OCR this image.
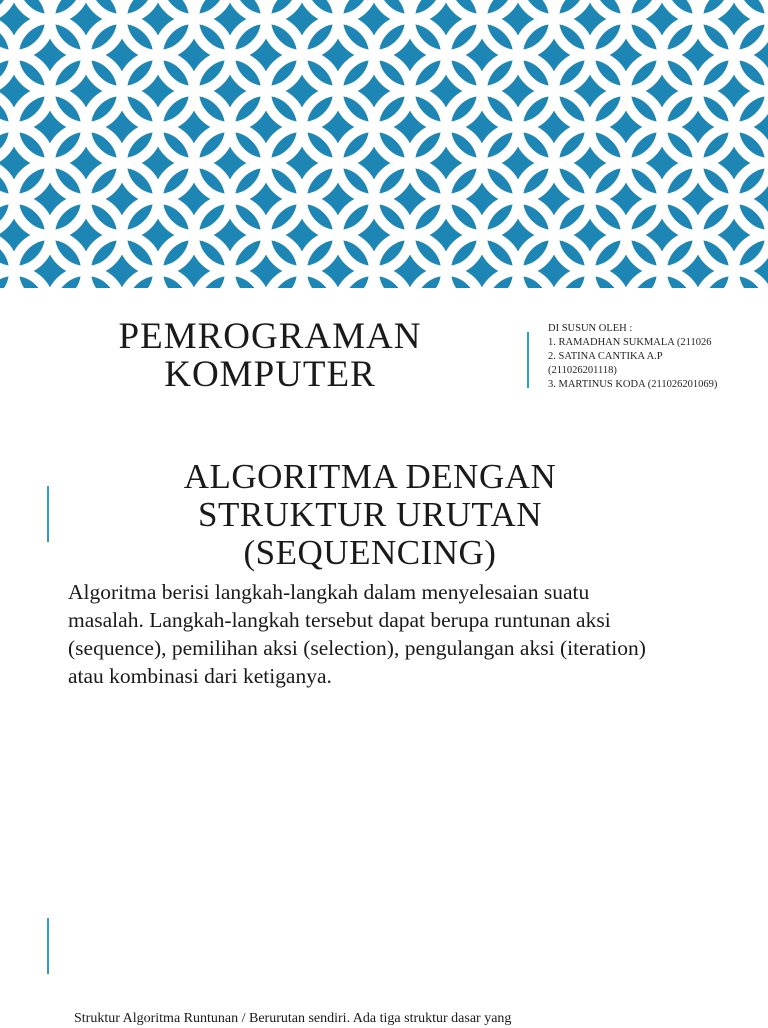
PEMROGRAMAN KOMPUTER
DI SUSUN OLEH :
1. RAMADHAN SUKMALA (211026
2. SATINA CANTIKA A.P
(211026201118)
3. MARTINUS KODA (211026201069)
ALGORITMA DENGAN STRUKTUR URUTAN (SEQUENCING)

Algoritma berisi langkah-langkah dalam menyelesaian suatu masalah. Langkah-langkah tersebut dapat berupa runtunan aksi (sequence), pemilihan aksi (selection), pengulangan aksi (iteration) atau kombinasi dari ketiganya.

Struktur Algoritma Runtunan / Berurutan sendiri. Ada tiga struktur dasar yang
